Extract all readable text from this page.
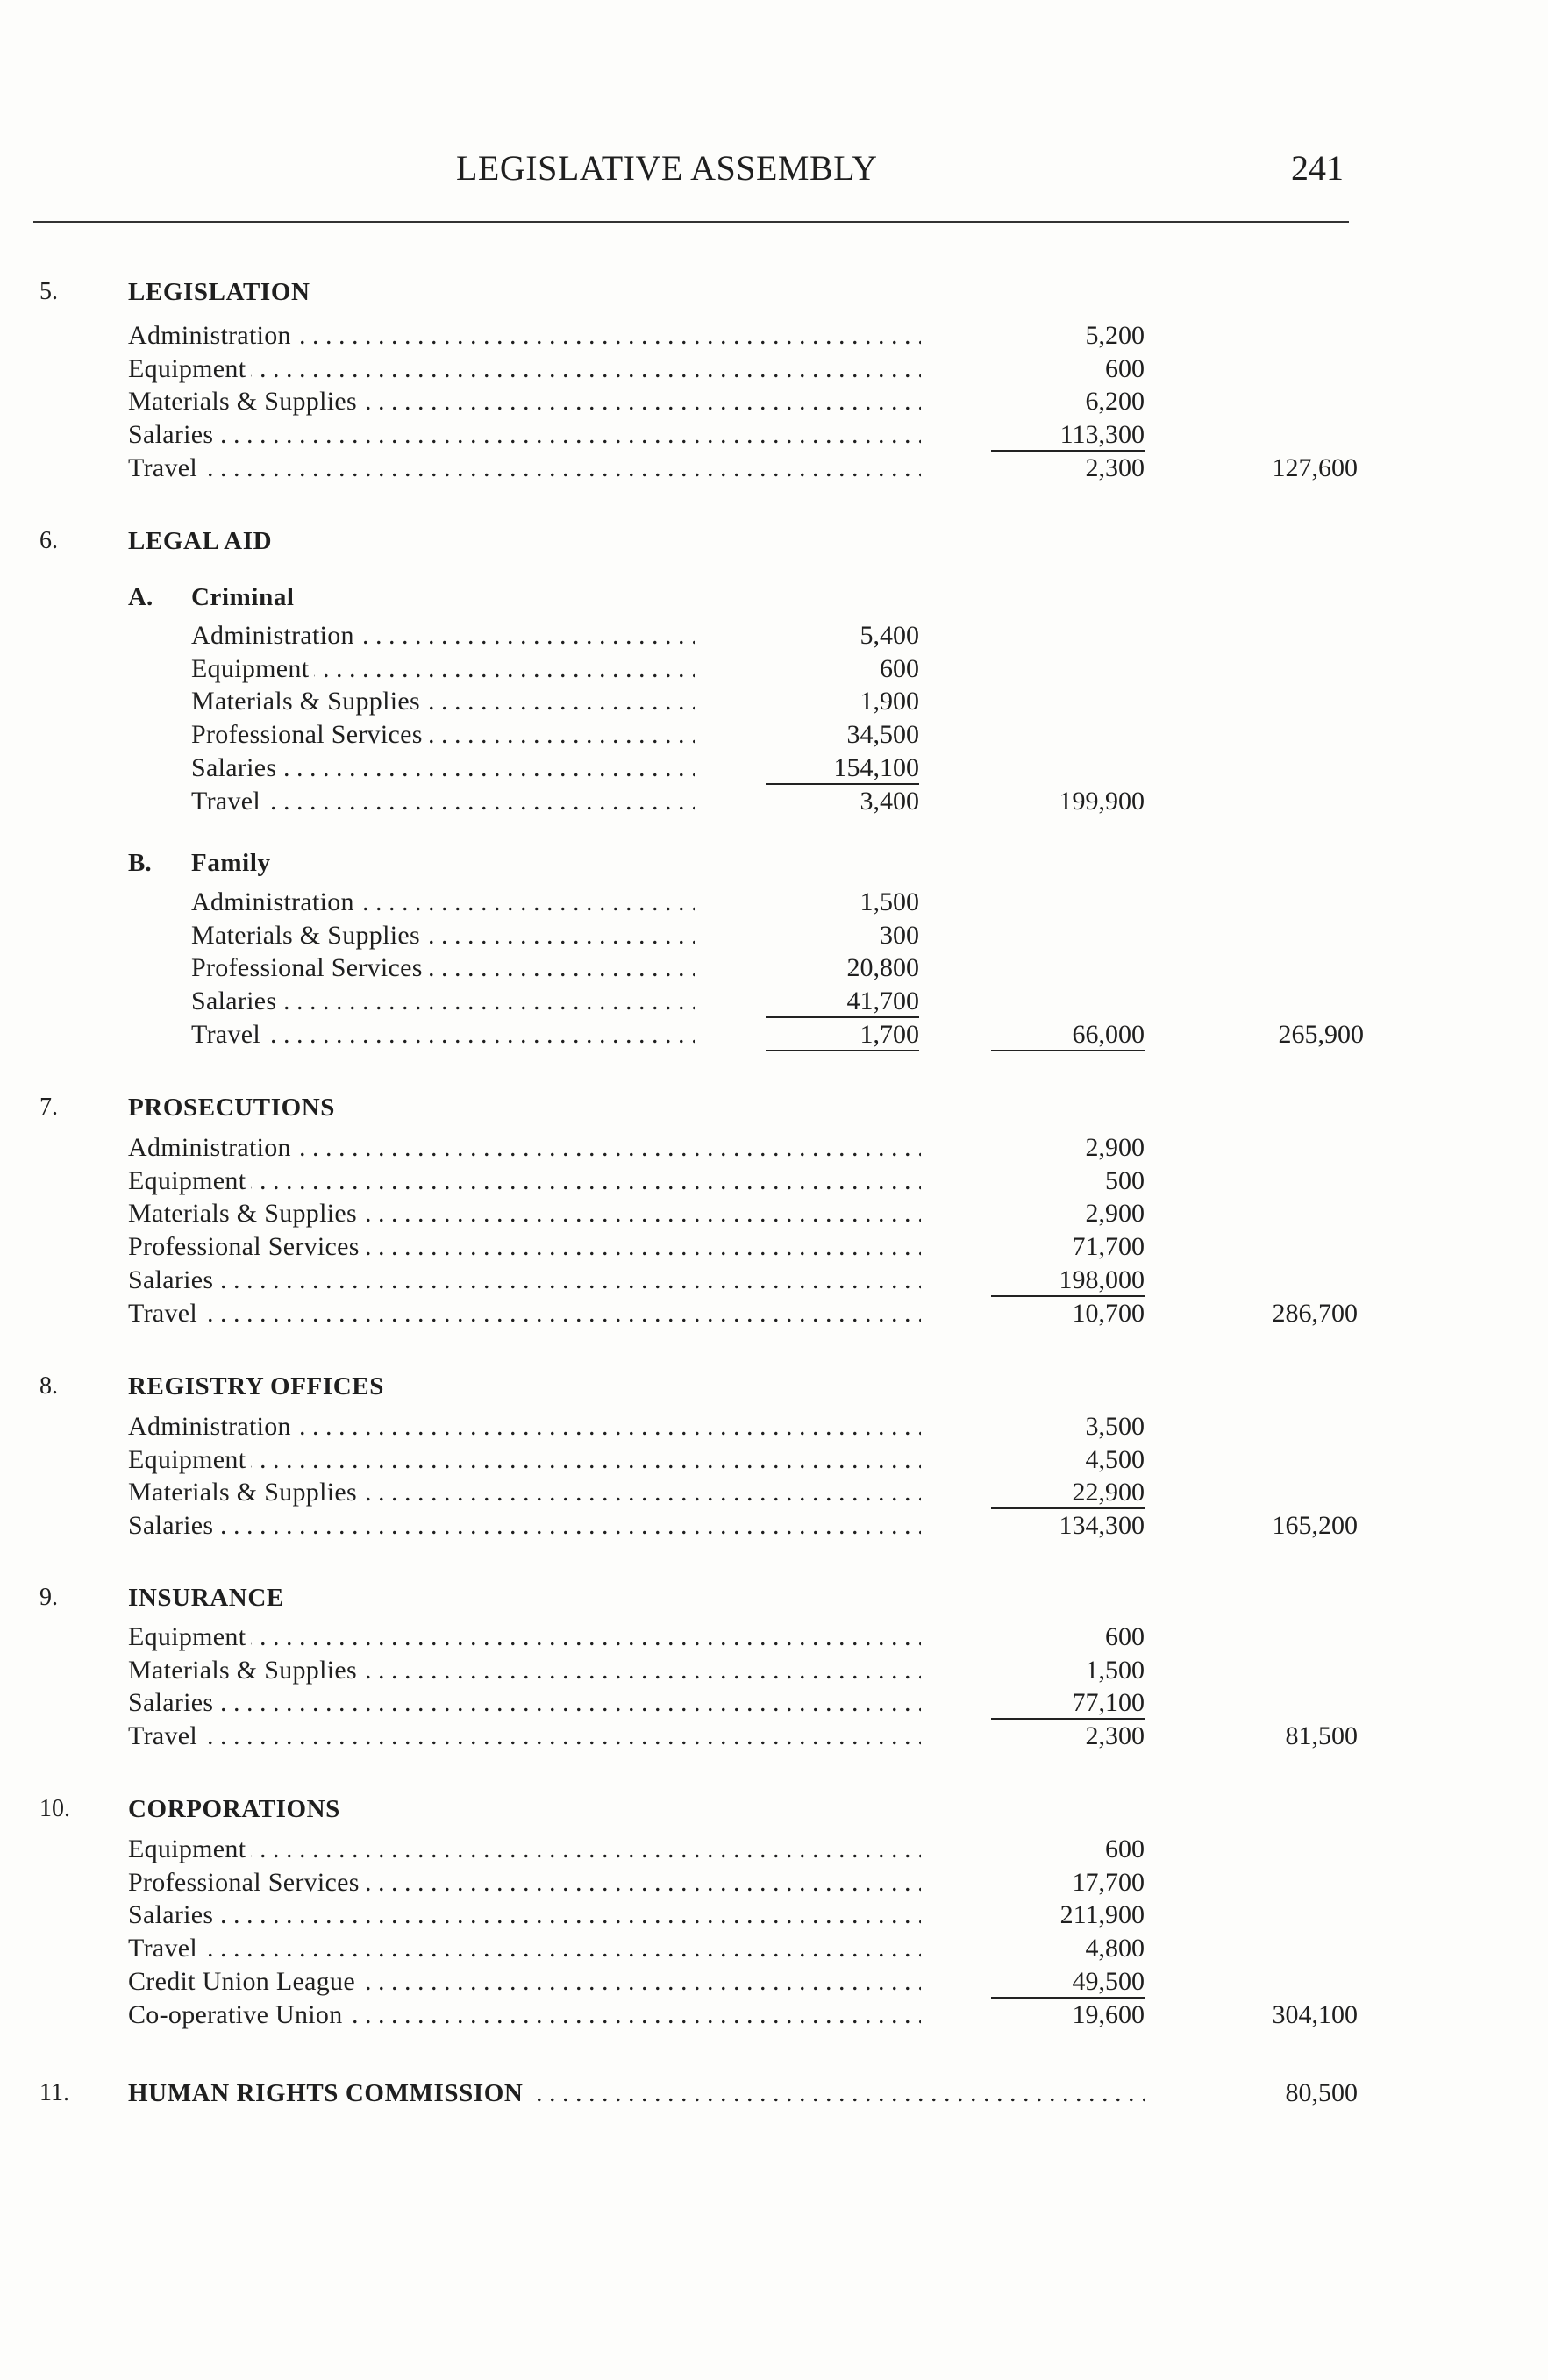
LEGISLATIVE ASSEMBLY	241
5.	LEGISLATION
Administration . . .	5,200
Equipment . . .	600
Materials & Supplies . . .	6,200
Salaries . . .	113,300
Travel . . .	2,300	127,600
6.	LEGAL AID
A. Criminal
Administration . . .	5,400
Equipment . . .	600
Materials & Supplies . . .	1,900
Professional Services . . .	34,500
Salaries . . .	154,100
Travel . . .	3,400	199,900
B. Family
Administration . . .	1,500
Materials & Supplies . . .	300
Professional Services . . .	20,800
Salaries . . .	41,700
Travel . . .	1,700	66,000	265,900
7.	PROSECUTIONS
Administration . . .	2,900
Equipment . . .	500
Materials & Supplies . . .	2,900
Professional Services . . .	71,700
Salaries . . .	198,000
Travel . . .	10,700	286,700
8.	REGISTRY OFFICES
Administration . . .	3,500
Equipment . . .	4,500
Materials & Supplies . . .	22,900
Salaries . . .	134,300	165,200
9.	INSURANCE
Equipment . . .	600
Materials & Supplies . . .	1,500
Salaries . . .	77,100
Travel . . .	2,300	81,500
10.	CORPORATIONS
Equipment . . .	600
Professional Services . . .	17,700
Salaries . . .	211,900
Travel . . .	4,800
Credit Union League . . .	49,500
Co-operative Union . . .	19,600	304,100
11.	HUMAN RIGHTS COMMISSION . . .	80,500
